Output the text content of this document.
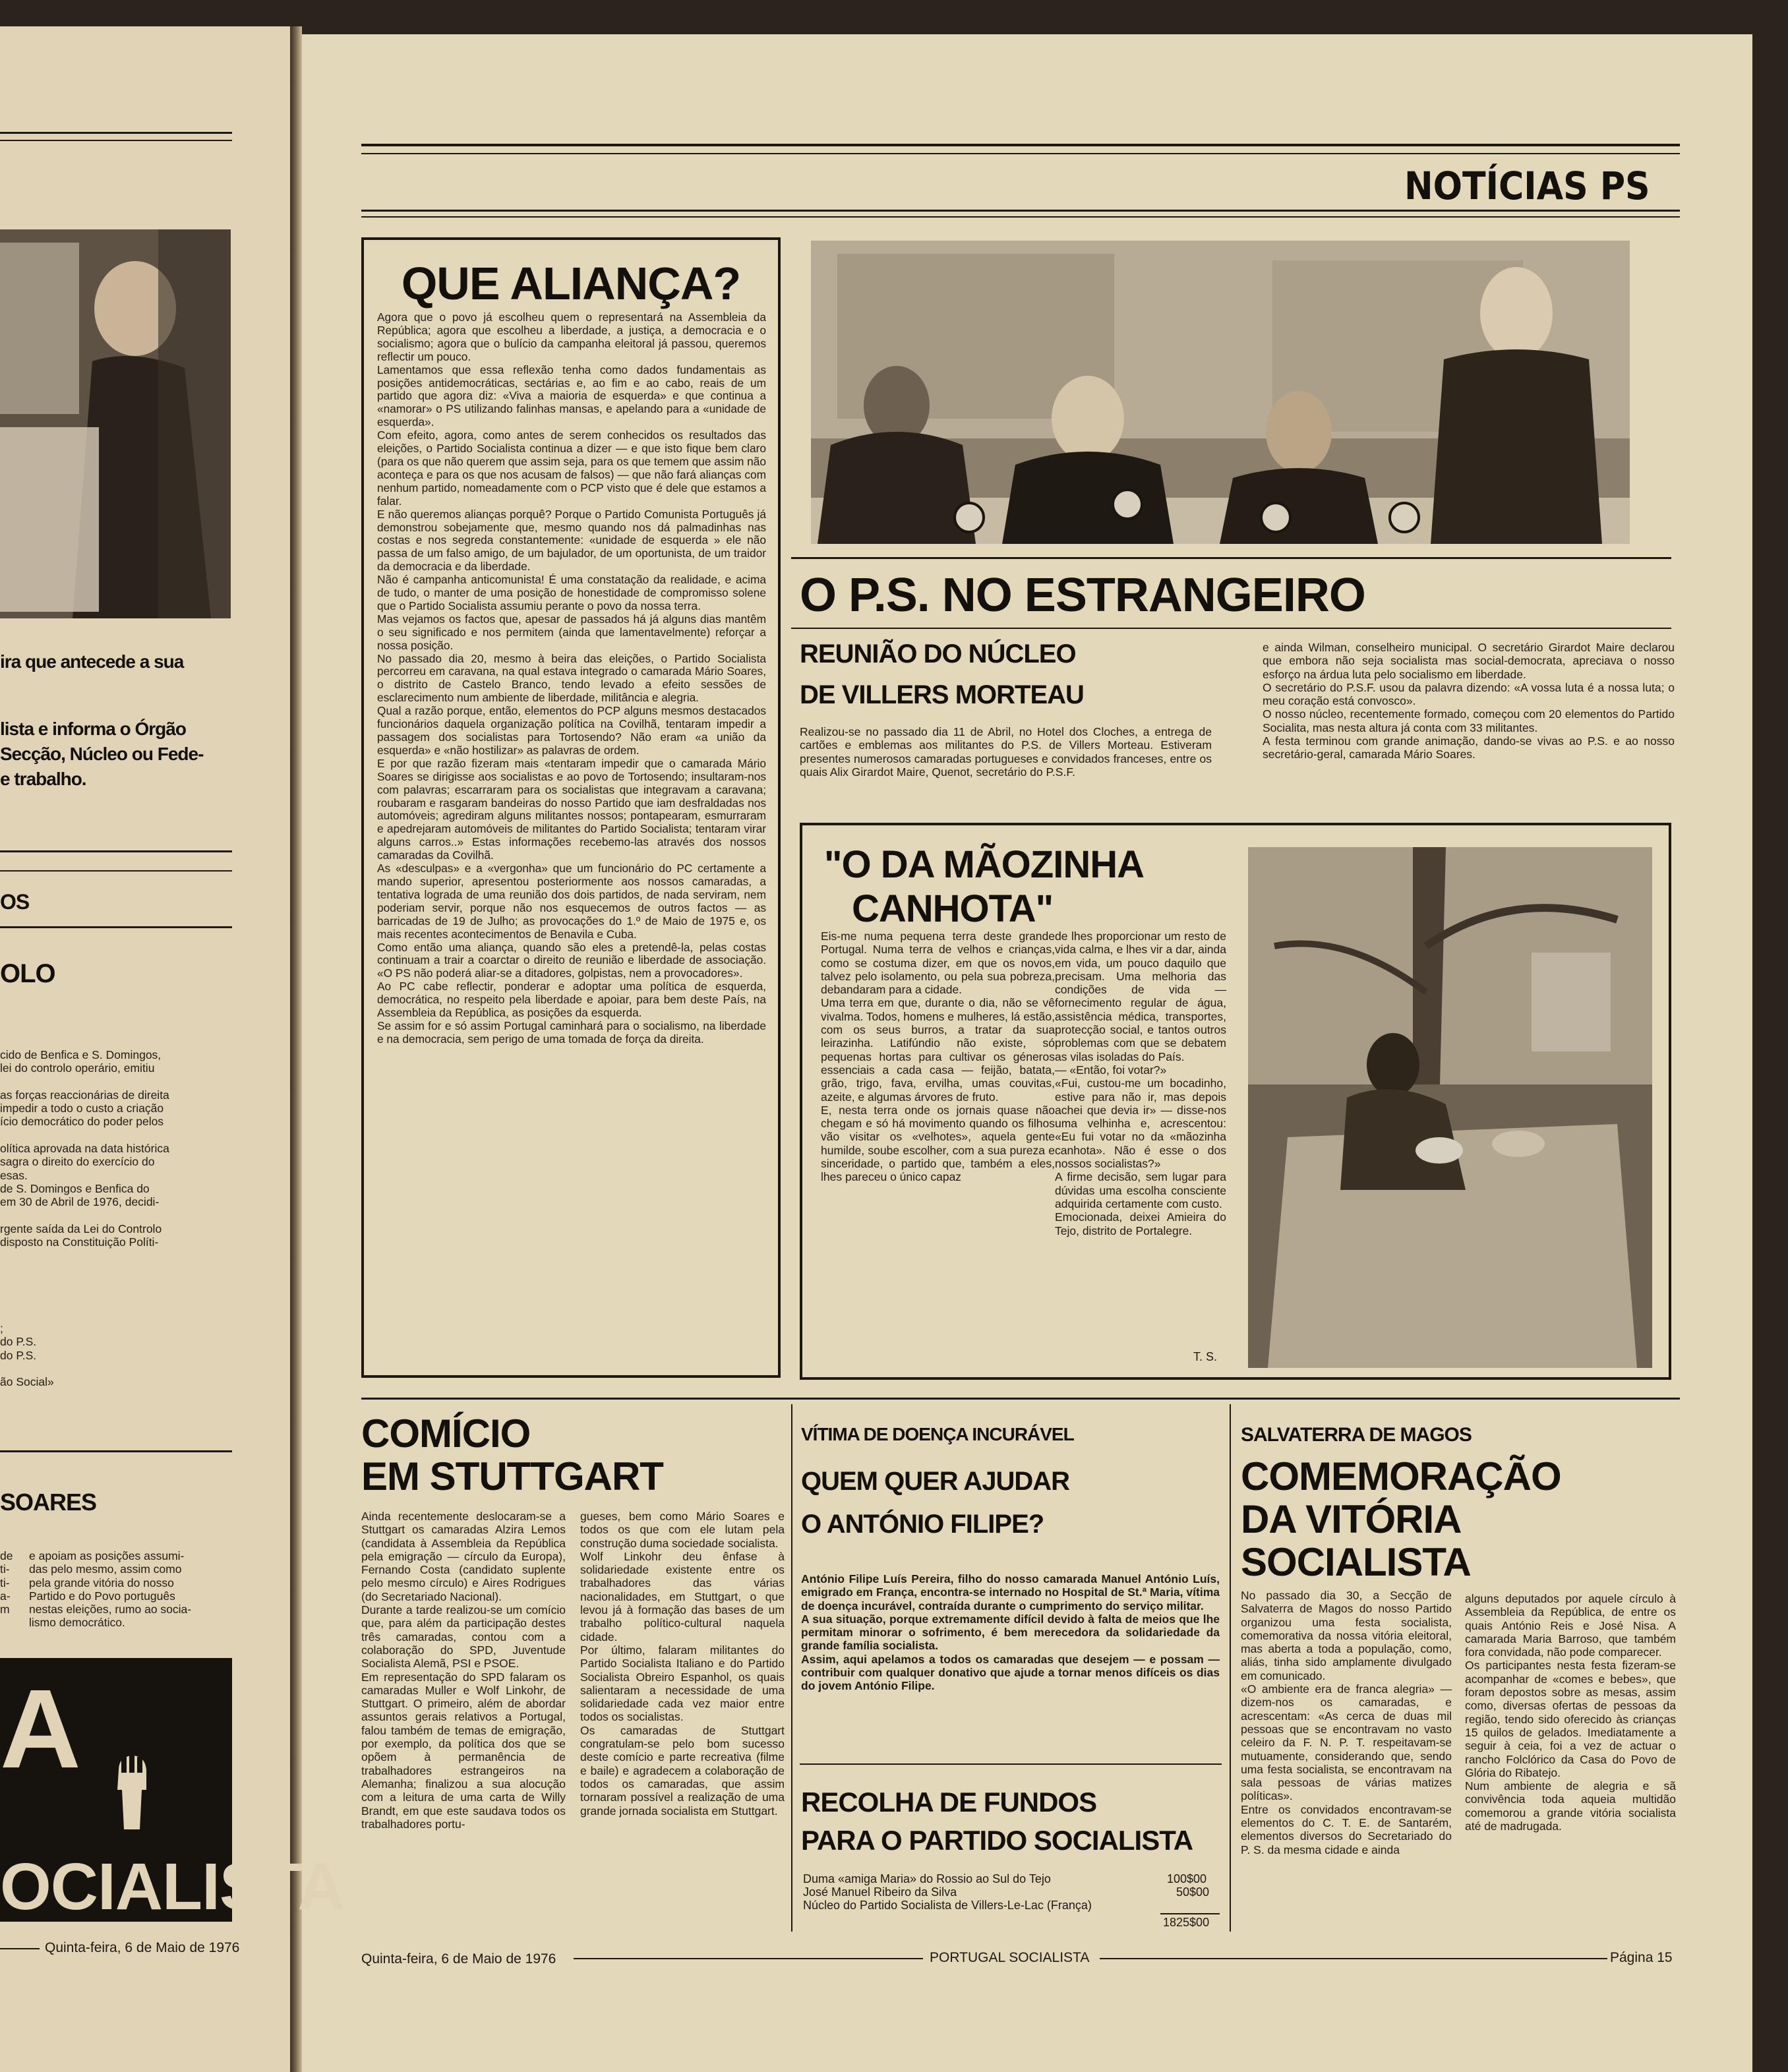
ira que antecede a sua
lista e informa o Órgão
Secção, Núcleo ou Fede-
e trabalho.
OS
OLO
cido de Benfica e S. Domingos,
lei do controlo operário, emitiu

as forças reaccionárias de direita
impedir a todo o custo a criação
ício democrático do poder pelos

olítica aprovada na data histórica
sagra o direito do exercício do
esas.
de S. Domingos e Benfica do
em 30 de Abril de 1976, decidi-

rgente saída da Lei do Controlo
disposto na Constituição Políti-
;
do P.S.
do P.S.

ão Social»
SOARES
de
ti-
ti-
a-
m
e apoiam as posições assumi-
das pelo mesmo, assim como
pela grande vitória do nosso
Partido e do Povo português
nestas eleições, rumo ao socia-
lismo democrático.
A
OCIALISTA
Quinta-feira, 6 de Maio de 1976
NOTÍCIAS PS
QUE ALIANÇA?
Agora que o povo já escolheu quem o representará na Assembleia da República; agora que escolheu a liberdade, a justiça, a democracia e o socialismo; agora que o bulício da campanha eleitoral já passou, queremos reflectir um pouco.
Lamentamos que essa reflexão tenha como dados fundamentais as posições antidemocráticas, sectárias e, ao fim e ao cabo, reais de um partido que agora diz: «Viva a maioria de esquerda» e que continua a «namorar» o PS utilizando falinhas mansas, e apelando para a «unidade de esquerda».
Com efeito, agora, como antes de serem conhecidos os resultados das eleições, o Partido Socialista continua a dizer — e que isto fique bem claro (para os que não querem que assim seja, para os que temem que assim não aconteça e para os que nos acusam de falsos) — que não fará alianças com nenhum partido, nomeadamente com o PCP visto que é dele que estamos a falar.
E não queremos alianças porquê? Porque o Partido Comunista Português já demonstrou sobejamente que, mesmo quando nos dá palmadinhas nas costas e nos segreda constantemente: «unidade de esquerda » ele não passa de um falso amigo, de um bajulador, de um oportunista, de um traidor da democracia e da liberdade.
Não é campanha anticomunista! É uma constatação da realidade, e acima de tudo, o manter de uma posição de honestidade de compromisso solene que o Partido Socialista assumiu perante o povo da nossa terra.
Mas vejamos os factos que, apesar de passados há já alguns dias mantêm o seu significado e nos permitem (ainda que lamentavelmente) reforçar a nossa posição.
No passado dia 20, mesmo à beira das eleições, o Partido Socialista percorreu em caravana, na qual estava integrado o camarada Mário Soares, o distrito de Castelo Branco, tendo levado a efeito sessões de esclarecimento num ambiente de liberdade, militância e alegria.
Qual a razão porque, então, elementos do PCP alguns mesmos destacados funcionários daquela organização política na Covilhã, tentaram impedir a passagem dos socialistas para Tortosendo? Não eram «a união da esquerda» e «não hostilizar» as palavras de ordem.
E por que razão fizeram mais «tentaram impedir que o camarada Mário Soares se dirigisse aos socialistas e ao povo de Tortosendo; insultaram-nos com palavras; escarraram para os socialistas que integravam a caravana; roubaram e rasgaram bandeiras do nosso Partido que iam desfraldadas nos automóveis; agrediram alguns militantes nossos; pontapearam, esmurraram e apedrejaram automóveis de militantes do Partido Socialista; tentaram virar alguns carros..» Estas informações recebemo-las através dos nossos camaradas da Covilhã.
As «desculpas» e a «vergonha» que um funcionário do PC certamente a mando superior, apresentou posteriormente aos nossos camaradas, a tentativa lograda de uma reunião dos dois partidos, de nada serviram, nem poderiam servir, porque não nos esquecemos de outros factos — as barricadas de 19 de Julho; as provocações do 1.º de Maio de 1975 e, os mais recentes acontecimentos de Benavila e Cuba.
Como então uma aliança, quando são eles a pretendê-la, pelas costas continuam a trair a coarctar o direito de reunião e liberdade de associação. «O PS não poderá aliar-se a ditadores, golpistas, nem a provocadores».
Ao PC cabe reflectir, ponderar e adoptar uma política de esquerda, democrática, no respeito pela liberdade e apoiar, para bem deste País, na Assembleia da República, as posições da esquerda.
Se assim for e só assim Portugal caminhará para o socialismo, na liberdade e na democracia, sem perigo de uma tomada de força da direita.
O P.S. NO ESTRANGEIRO
REUNIÃO DO NÚCLEO
DE VILLERS MORTEAU
Realizou-se no passado dia 11 de Abril, no Hotel dos Cloches, a entrega de cartões e emblemas aos militantes do P.S. de Villers Morteau. Estiveram presentes numerosos camaradas portugueses e convidados franceses, entre os quais Alix Girardot Maire, Quenot, secretário do P.S.F.
e ainda Wilman, conselheiro municipal. O secretário Girardot Maire declarou que embora não seja socialista mas social-democrata, apreciava o nosso esforço na árdua luta pelo socialismo em liberdade.
O secretário do P.S.F. usou da palavra dizendo: «A vossa luta é a nossa luta; o meu coração está convosco».
O nosso núcleo, recentemente formado, começou com 20 elementos do Partido Socialita, mas nesta altura já conta com 33 militantes.
A festa terminou com grande animação, dando-se vivas ao P.S. e ao nosso secretário-geral, camarada Mário Soares.
"O DA MÃOZINHA
CANHOTA"
Eis-me numa pequena terra deste grande Portugal. Numa terra de velhos e crianças, como se costuma dizer, em que os novos, talvez pelo isolamento, ou pela sua pobreza, debandaram para a cidade.
Uma terra em que, durante o dia, não se vê vivalma. Todos, homens e mulheres, lá estão, com os seus burros, a tratar da sua leirazinha. Latifúndio não existe, só pequenas hortas para cultivar os géneros essenciais a cada casa — feijão, batata, grão, trigo, fava, ervilha, umas couvitas, azeite, e algumas árvores de fruto.
E, nesta terra onde os jornais quase não chegam e só há movimento quando os filhos vão visitar os «velhotes», aquela gente humilde, soube escolher, com a sua pureza e sinceridade, o partido que, também a eles, lhes pareceu o único capaz
de lhes proporcionar um resto de vida calma, e lhes vir a dar, ainda em vida, um pouco daquilo que precisam. Uma melhoria das condições de vida — fornecimento regular de água, assistência médica, transportes, protecção social, e tantos outros problemas com que se debatem as vilas isoladas do País.
— «Então, foi votar?»
«Fui, custou-me um bocadinho, estive para não ir, mas depois achei que devia ir» — disse-nos uma velhinha e, acrescentou: «Eu fui votar no da «mãozinha canhota». Não é esse o dos nossos socialistas?»
A firme decisão, sem lugar para dúvidas uma escolha consciente adquirida certamente com custo.
Emocionada, deixei Amieira do Tejo, distrito de Portalegre.
T. S.
COMÍCIO
EM STUTTGART
Ainda recentemente deslocaram-se a Stuttgart os camaradas Alzira Lemos (candidata à Assembleia da República pela emigração — círculo da Europa), Fernando Costa (candidato suplente pelo mesmo círculo) e Aires Rodrigues (do Secretariado Nacional).
Durante a tarde realizou-se um comício que, para além da participação destes três camaradas, contou com a colaboração do SPD, Juventude Socialista Alemã, PSI e PSOE.
Em representação do SPD falaram os camaradas Muller e Wolf Linkohr, de Stuttgart. O primeiro, além de abordar assuntos gerais relativos a Portugal, falou também de temas de emigração, por exemplo, da política dos que se opõem à permanência de trabalhadores estrangeiros na Alemanha; finalizou a sua alocução com a leitura de uma carta de Willy Brandt, em que este saudava todos os trabalhadores portu-
gueses, bem como Mário Soares e todos os que com ele lutam pela construção duma sociedade socialista.
Wolf Linkohr deu ênfase à solidariedade existente entre os trabalhadores das várias nacionalidades, em Stuttgart, o que levou já à formação das bases de um trabalho político-cultural naquela cidade.
Por último, falaram militantes do Partido Socialista Italiano e do Partido Socialista Obreiro Espanhol, os quais salientaram a necessidade de uma solidariedade cada vez maior entre todos os socialistas.
Os camaradas de Stuttgart congratulam-se pelo bom sucesso deste comício e parte recreativa (filme e baile) e agradecem a colaboração de todos os camaradas, que assim tornaram possível a realização de uma grande jornada socialista em Stuttgart.
VÍTIMA DE DOENÇA INCURÁVEL
QUEM QUER AJUDAR
O ANTÓNIO FILIPE?
António Filipe Luís Pereira, filho do nosso camarada Manuel António Luís, emigrado em França, encontra-se internado no Hospital de St.ª Maria, vítima de doença incurável, contraída durante o cumprimento do serviço militar.
A sua situação, porque extremamente difícil devido à falta de meios que lhe permitam minorar o sofrimento, é bem merecedora da solidariedade da grande família socialista.
Assim, aqui apelamos a todos os camaradas que desejem — e possam — contribuir com qualquer donativo que ajude a tornar menos difíceis os dias do jovem António Filipe.
RECOLHA DE FUNDOS
PARA O PARTIDO SOCIALISTA
Duma «amiga Maria» do Rossio ao Sul do Tejo	100$00
José Manuel Ribeiro da Silva	50$00
Núcleo do Partido Socialista de Villers-Le-Lac (França)
1825$00
SALVATERRA DE MAGOS
COMEMORAÇÃO
DA VITÓRIA
SOCIALISTA
No passado dia 30, a Secção de Salvaterra de Magos do nosso Partido organizou uma festa socialista, comemorativa da nossa vitória eleitoral, mas aberta a toda a população, como, aliás, tinha sido amplamente divulgado em comunicado.
«O ambiente era de franca alegria» — dizem-nos os camaradas, e acrescentam: «As cerca de duas mil pessoas que se encontravam no vasto celeiro da F. N. P. T. respeitavam-se mutuamente, considerando que, sendo uma festa socialista, se encontravam na sala pessoas de várias matizes políticas».
Entre os convidados encontravam-se elementos do C. T. E. de Santarém, elementos diversos do Secretariado do P. S. da mesma cidade e ainda
alguns deputados por aquele círculo à Assembleia da República, de entre os quais António Reis e José Nisa. A camarada Maria Barroso, que também fora convidada, não pode comparecer.
Os participantes nesta festa fizeram-se acompanhar de «comes e bebes», que foram depostos sobre as mesas, assim como, diversas ofertas de pessoas da região, tendo sido oferecido às crianças 15 quilos de gelados. Imediatamente a seguir à ceia, foi a vez de actuar o rancho Folclórico da Casa do Povo de Glória do Ribatejo.
Num ambiente de alegria e sã convivência toda aqueia multidão comemorou a grande vitória socialista até de madrugada.
Quinta-feira, 6 de Maio de 1976	PORTUGAL SOCIALISTA	Página 15
